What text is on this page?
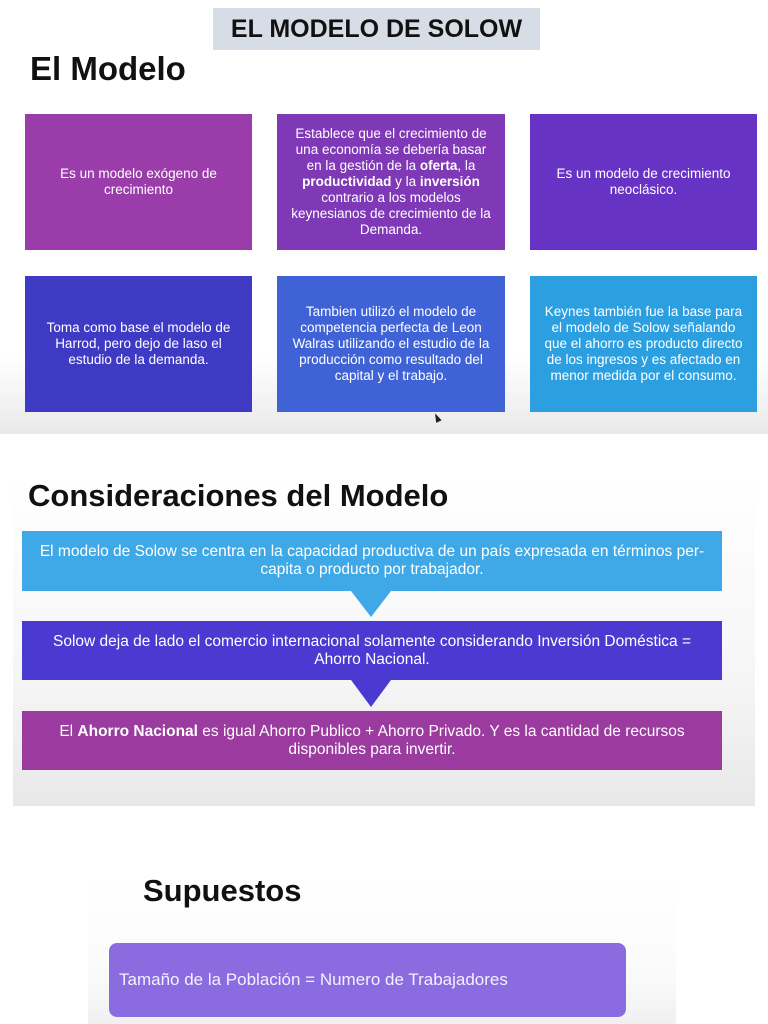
EL MODELO DE SOLOW
El Modelo
Es un modelo exógeno de crecimiento
Establece que el crecimiento de una economía se debería basar en la gestión de la oferta, la productividad y la inversión contrario a los modelos keynesianos de crecimiento de la Demanda.
Es un modelo de crecimiento neoclásico.
Toma como base el modelo de Harrod, pero dejo de laso el estudio de la demanda.
Tambien utilizó el modelo de competencia perfecta de Leon Walras utilizando el estudio de la producción como resultado del capital y el trabajo.
Keynes también fue la base para el modelo de Solow señalando que el ahorro es producto directo de los ingresos y es afectado en menor medida por el consumo.
Consideraciones del Modelo
El modelo de Solow se centra en la capacidad productiva de un país expresada en términos per-capita o producto por trabajador.
Solow deja de lado el comercio internacional solamente considerando Inversión Doméstica = Ahorro Nacional.
El Ahorro Nacional es igual Ahorro Publico + Ahorro Privado. Y es la cantidad de recursos disponibles para invertir.
Supuestos
Tamaño de la Población = Numero de Trabajadores
